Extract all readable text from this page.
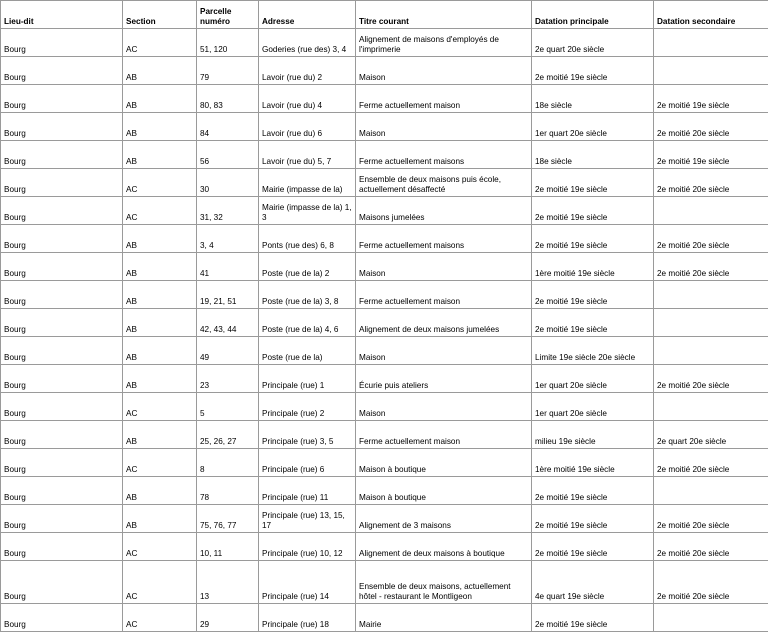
Lieu-dit	Section	Parcelle numéro	Adresse	Titre courant	Datation principale	Datation secondaire
Bourg	AC	51, 120	Goderies (rue des) 3, 4	Alignement de maisons d'employés de l'imprimerie	2e quart 20e siècle	
Bourg	AB	79	Lavoir (rue du) 2	Maison	2e moitié 19e siècle	
Bourg	AB	80, 83	Lavoir (rue du) 4	Ferme actuellement maison	18e siècle	2e moitié 19e siècle
Bourg	AB	84	Lavoir (rue du) 6	Maison	1er quart 20e siècle	2e moitié 20e siècle
Bourg	AB	56	Lavoir (rue du) 5, 7	Ferme actuellement maisons	18e siècle	2e moitié 19e siècle
Bourg	AC	30	Mairie (impasse de la)	Ensemble de deux maisons puis école, actuellement désaffecté	2e moitié 19e siècle	2e moitié 20e siècle
Bourg	AC	31, 32	Mairie (impasse de la) 1, 3	Maisons jumelées	2e moitié 19e siècle	
Bourg	AB	3, 4	Ponts (rue des) 6, 8	Ferme actuellement maisons	2e moitié 19e siècle	2e moitié 20e siècle
Bourg	AB	41	Poste (rue de la) 2	Maison	1ère moitié 19e siècle	2e moitié 20e siècle
Bourg	AB	19, 21, 51	Poste (rue de la) 3, 8	Ferme actuellement maison	2e moitié 19e siècle	
Bourg	AB	42, 43, 44	Poste (rue de la) 4, 6	Alignement de deux maisons jumelées	2e moitié 19e siècle	
Bourg	AB	49	Poste (rue de la)	Maison	Limite 19e siècle 20e siècle	
Bourg	AB	23	Principale (rue) 1	Écurie puis ateliers	1er quart 20e siècle	2e moitié 20e siècle
Bourg	AC	5	Principale (rue) 2	Maison	1er quart 20e siècle	
Bourg	AB	25, 26, 27	Principale (rue) 3, 5	Ferme actuellement maison	milieu 19e siècle	2e quart 20e siècle
Bourg	AC	8	Principale (rue) 6	Maison à boutique	1ère moitié 19e siècle	2e moitié 20e siècle
Bourg	AB	78	Principale (rue) 11	Maison à boutique	2e moitié 19e siècle	
Bourg	AB	75, 76, 77	Principale (rue) 13, 15, 17	Alignement de 3 maisons	2e moitié 19e siècle	2e moitié 20e siècle
Bourg	AC	10, 11	Principale (rue) 10, 12	Alignement de deux maisons à boutique	2e moitié 19e siècle	2e moitié 20e siècle
Bourg	AC	13	Principale (rue) 14	Ensemble de deux maisons, actuellement hôtel - restaurant le Montligeon	4e quart 19e siècle	2e moitié 20e siècle
Bourg	AC	29	Principale (rue) 18	Mairie	2e moitié 19e siècle	
